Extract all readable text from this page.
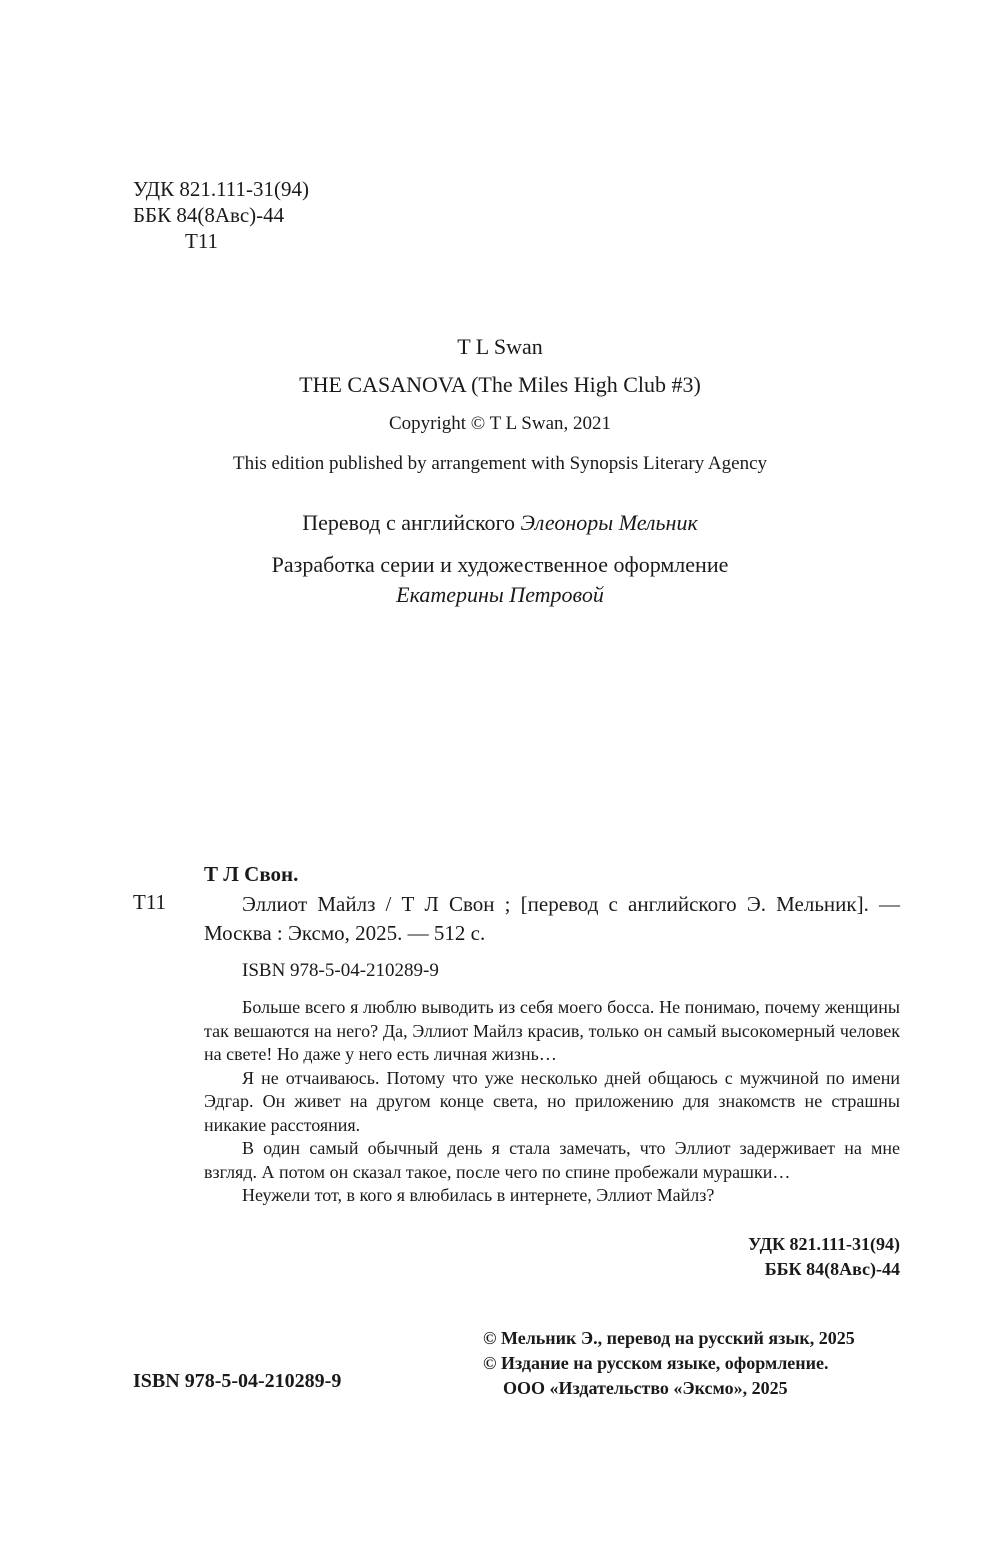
УДК 821.111-31(94)
ББК 84(8Авс)-44
Т11
T L Swan
THE CASANOVA (The Miles High Club #3)
Copyright © T L Swan, 2021
This edition published by arrangement with Synopsis Literary Agency
Перевод с английского Элеоноры Мельник
Разработка серии и художественное оформление
Екатерины Петровой
Т Л Свон.
Т11	Эллиот Майлз / Т Л Свон ; [перевод с английского Э. Мельник]. — Москва : Эксмо, 2025. — 512 с.
ISBN 978-5-04-210289-9

Больше всего я люблю выводить из себя моего босса. Не понимаю, почему женщины так вешаются на него? Да, Эллиот Майлз красив, только он самый высокомерный человек на свете! Но даже у него есть личная жизнь…

Я не отчаиваюсь. Потому что уже несколько дней общаюсь с мужчиной по имени Эдгар. Он живет на другом конце света, но приложению для знакомств не страшны никакие расстояния.

В один самый обычный день я стала замечать, что Эллиот задерживает на мне взгляд. А потом он сказал такое, после чего по спине пробежали мурашки…

Неужели тот, в кого я влюбилась в интернете, Эллиот Майлз?

УДК 821.111-31(94)
ББК 84(8Авс)-44
ISBN 978-5-04-210289-9
© Мельник Э., перевод на русский язык, 2025
© Издание на русском языке, оформление.
ООО «Издательство «Эксмо», 2025
